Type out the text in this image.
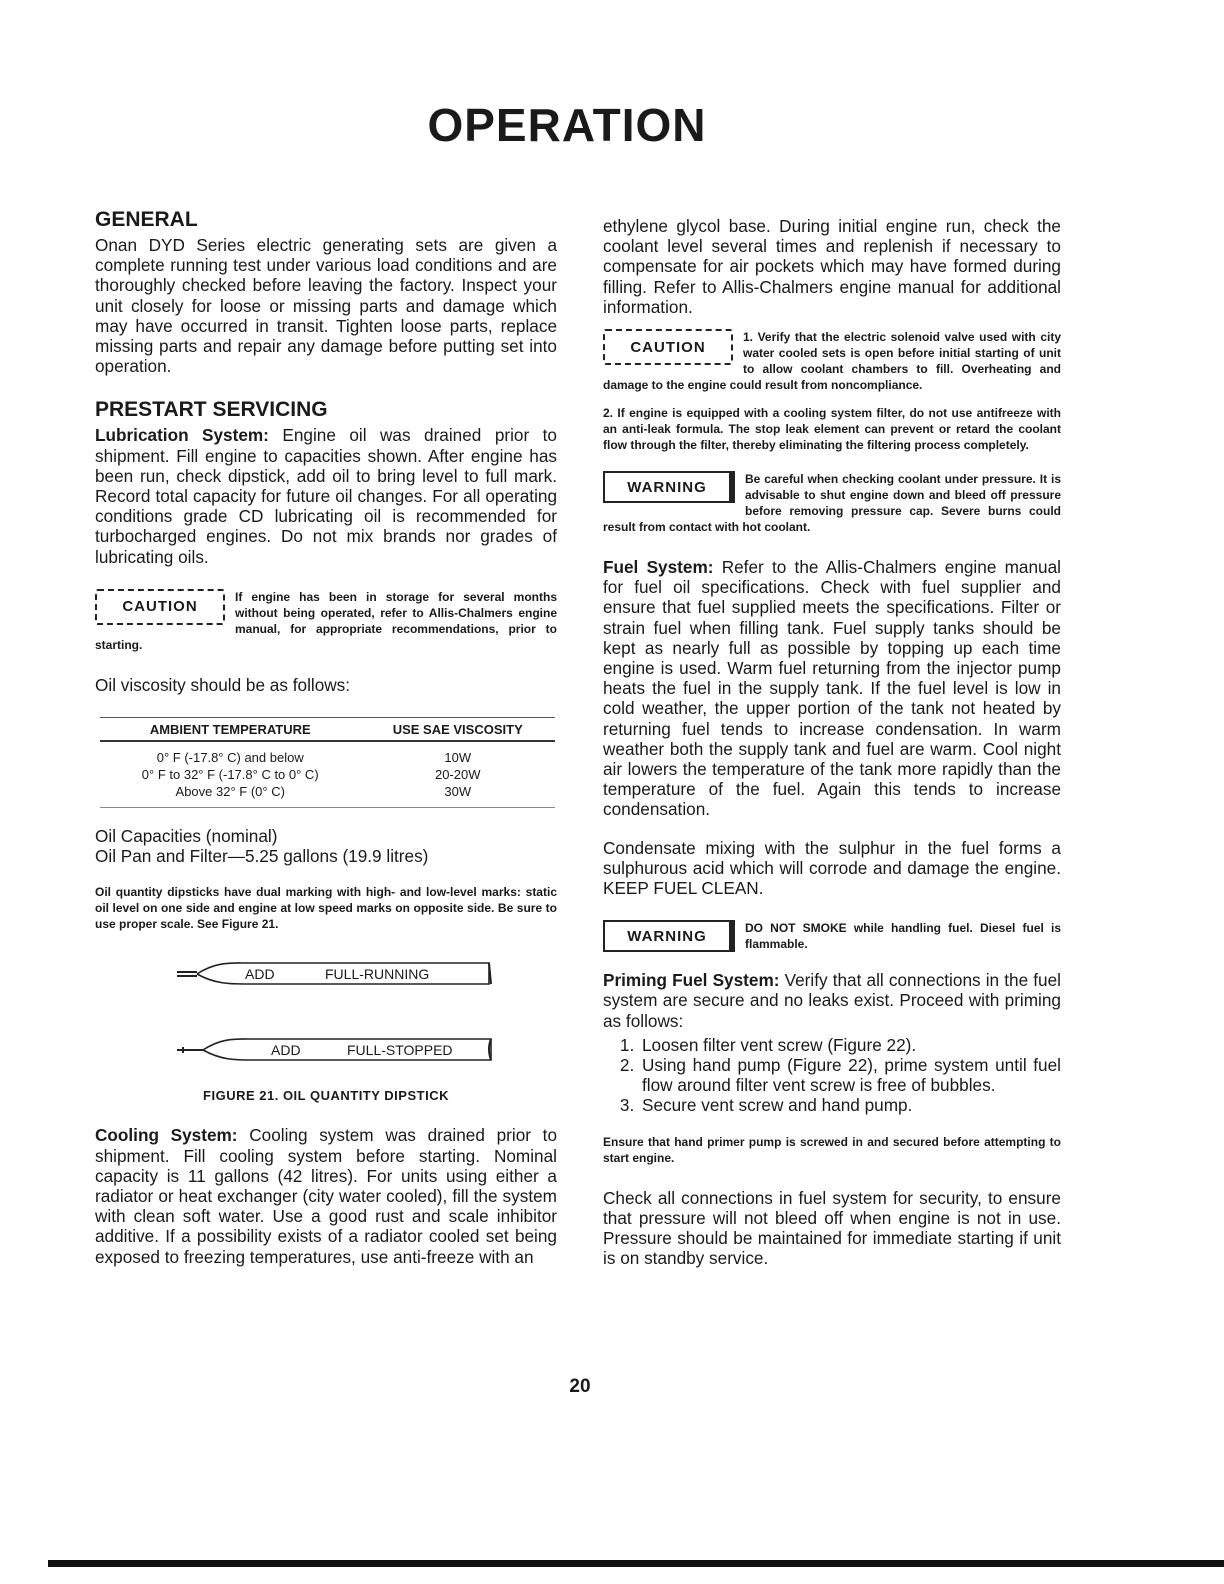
OPERATION
GENERAL

Onan DYD Series electric generating sets are given a complete running test under various load conditions and are thoroughly checked before leaving the factory. Inspect your unit closely for loose or missing parts and damage which may have occurred in transit. Tighten loose parts, replace missing parts and repair any damage before putting set into operation.

PRESTART SERVICING

Lubrication System: Engine oil was drained prior to shipment. Fill engine to capacities shown. After engine has been run, check dipstick, add oil to bring level to full mark. Record total capacity for future oil changes. For all operating conditions grade CD lubricating oil is recommended for turbocharged engines. Do not mix brands nor grades of lubricating oils.

CAUTION

If engine has been in storage for several months without being operated, refer to Allis-Chalmers engine manual, for appropriate recommendations, prior to starting.

Oil viscosity should be as follows:

AMBIENT TEMPERATURE	USE SAE VISCOSITY
0° F (-17.8° C) and below	10W
0° F to 32° F (-17.8° C to 0° C)	20-20W
Above 32° F (0° C)	30W

Oil Capacities (nominal)

Oil Pan and Filter—5.25 gallons (19.9 litres)

Oil quantity dipsticks have dual marking with high- and low-level marks: static oil level on one side and engine at low speed marks on opposite side. Be sure to use proper scale. See Figure 21.

ADD	FULL-RUNNING
ADD	FULL-STOPPED

FIGURE 21. OIL QUANTITY DIPSTICK

Cooling System: Cooling system was drained prior to shipment. Fill cooling system before starting. Nominal capacity is 11 gallons (42 litres). For units using either a radiator or heat exchanger (city water cooled), fill the system with clean soft water. Use a good rust and scale inhibitor additive. If a possibility exists of a radiator cooled set being exposed to freezing temperatures, use anti-freeze with an

ethylene glycol base. During initial engine run, check the coolant level several times and replenish if necessary to compensate for air pockets which may have formed during filling. Refer to Allis-Chalmers engine manual for additional information.

CAUTION

1. Verify that the electric solenoid valve used with city water cooled sets is open before initial starting of unit to allow coolant chambers to fill. Overheating and damage to the engine could result from noncompliance.

2. If engine is equipped with a cooling system filter, do not use antifreeze with an anti-leak formula. The stop leak element can prevent or retard the coolant flow through the filter, thereby eliminating the filtering process completely.

WARNING	Be careful when checking coolant under pressure. It is advisable to shut engine down and bleed off pressure before removing pressure cap. Severe burns could result from contact with hot coolant.

Fuel System: Refer to the Allis-Chalmers engine manual for fuel oil specifications. Check with fuel supplier and ensure that fuel supplied meets the specifications. Filter or strain fuel when filling tank. Fuel supply tanks should be kept as nearly full as possible by topping up each time engine is used. Warm fuel returning from the injector pump heats the fuel in the supply tank. If the fuel level is low in cold weather, the upper portion of the tank not heated by returning fuel tends to increase condensation. In warm weather both the supply tank and fuel are warm. Cool night air lowers the temperature of the tank more rapidly than the temperature of the fuel. Again this tends to increase condensation.

Condensate mixing with the sulphur in the fuel forms a sulphurous acid which will corrode and damage the engine. KEEP FUEL CLEAN.

WARNING	DO NOT SMOKE while handling fuel. Diesel fuel is flammable.

Priming Fuel System: Verify that all connections in the fuel system are secure and no leaks exist. Proceed with priming as follows:

1. Loosen filter vent screw (Figure 22).
2. Using hand pump (Figure 22), prime system until fuel flow around filter vent screw is free of bubbles.
3. Secure vent screw and hand pump.

Ensure that hand primer pump is screwed in and secured before attempting to start engine.

Check all connections in fuel system for security, to ensure that pressure will not bleed off when engine is not in use. Pressure should be maintained for immediate starting if unit is on standby service.

20
